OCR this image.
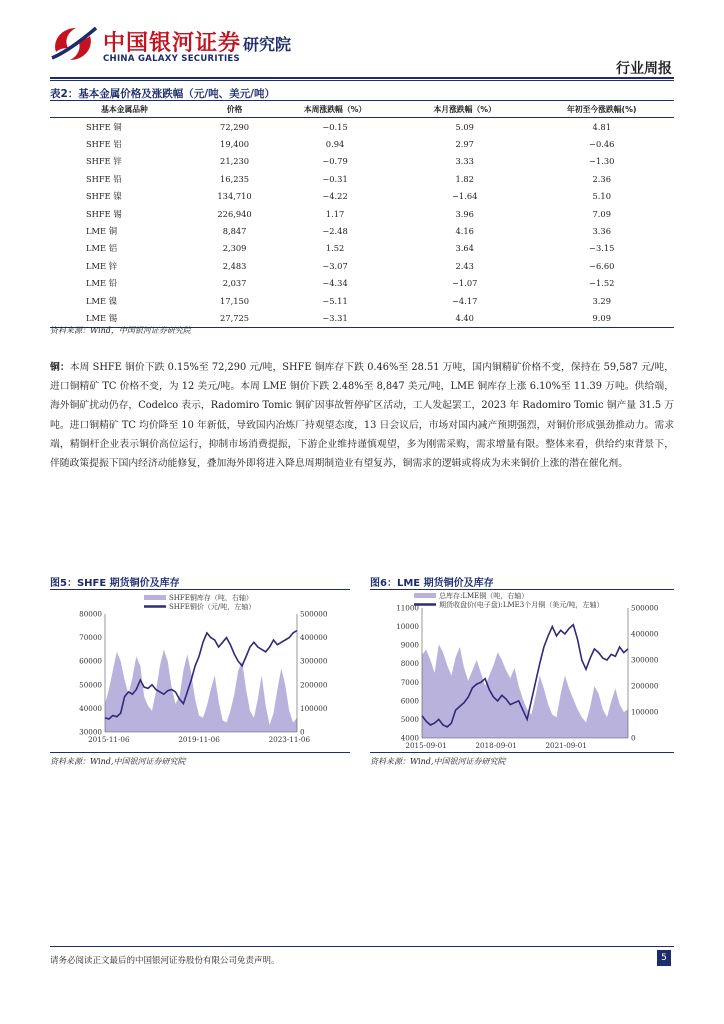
中国银河证券
CHINA GALAXY SECURITIES
研究院
行业周报
表2：基本金属价格及涨跌幅（元/吨、美元/吨）
基本金属品种	价格	本周涨跌幅（%）	本月涨跌幅（%）	年初至今涨跌幅(%)
SHFE 铜	72,290	−0.15	5.09	4.81
SHFE 铝	19,400	0.94	2.97	−0.46
SHFE 锌	21,230	−0.79	3.33	−1.30
SHFE 铅	16,235	−0.31	1.82	2.36
SHFE 镍	134,710	−4.22	−1.64	5.10
SHFE 锡	226,940	1.17	3.96	7.09
LME 铜	8,847	−2.48	4.16	3.36
LME 铝	2,309	1.52	3.64	−3.15
LME 锌	2,483	−3.07	2.43	−6.60
LME 铅	2,037	−4.34	−1.07	−1.52
LME 镍	17,150	−5.11	−4.17	3.29
LME 锡	27,725	−3.31	4.40	9.09
资料来源：Wind，中国银河证券研究院

铜：本周 SHFE 铜价下跌 0.15%至 72,290 元/吨，SHFE 铜库存下跌 0.46%至 28.51 万吨，国内铜精矿价格不变，保持在 59,587 元/吨，进口铜精矿 TC 价格不变，为 12 美元/吨。本周 LME 铜价下跌 2.48%至 8,847 美元/吨，LME 铜库存上涨 6.10%至 11.39 万吨。供给端，海外铜矿扰动仍存，Codelco 表示，Radomiro Tomic 铜矿因事故暂停矿区活动，工人发起罢工，2023 年 Radomiro Tomic 铜产量 31.5 万吨。进口铜精矿 TC 均价降至 10 年新低，导致国内冶炼厂持观望态度，13 日会议后，市场对国内减产预期强烈，对铜价形成强劲推动力。需求端，精铜杆企业表示铜价高位运行，抑制市场消费提振，下游企业维持谨慎观望，多为刚需采购，需求增量有限。整体来看，供给约束背景下，伴随政策提振下国内经济动能修复，叠加海外即将进入降息周期制造业有望复苏，铜需求的逻辑或将成为未来铜价上涨的潜在催化剂。

图5：SHFE 期货铜价及库存
SHFE铜库存（吨，右轴）
SHFE铜价（元/吨，左轴）
80000
70000
60000
50000
40000
30000
500000
400000
300000
200000
100000
0
2015-11-06	2019-11-06	2023-11-06
资料来源：Wind,中国银河证券研究院
图6：LME 期货铜价及库存
总库存:LME铜（吨，右轴）
期货收盘价(电子盘):LME3个月铜（美元/吨，左轴）
11000
10000
9000
8000
7000
6000
5000
4000
500000
400000
300000
200000
100000
0
2015-09-01	2018-09-01	2021-09-01
资料来源：Wind,中国银河证券研究院
请务必阅读正文最后的中国银河证券股份有限公司免责声明。	5
